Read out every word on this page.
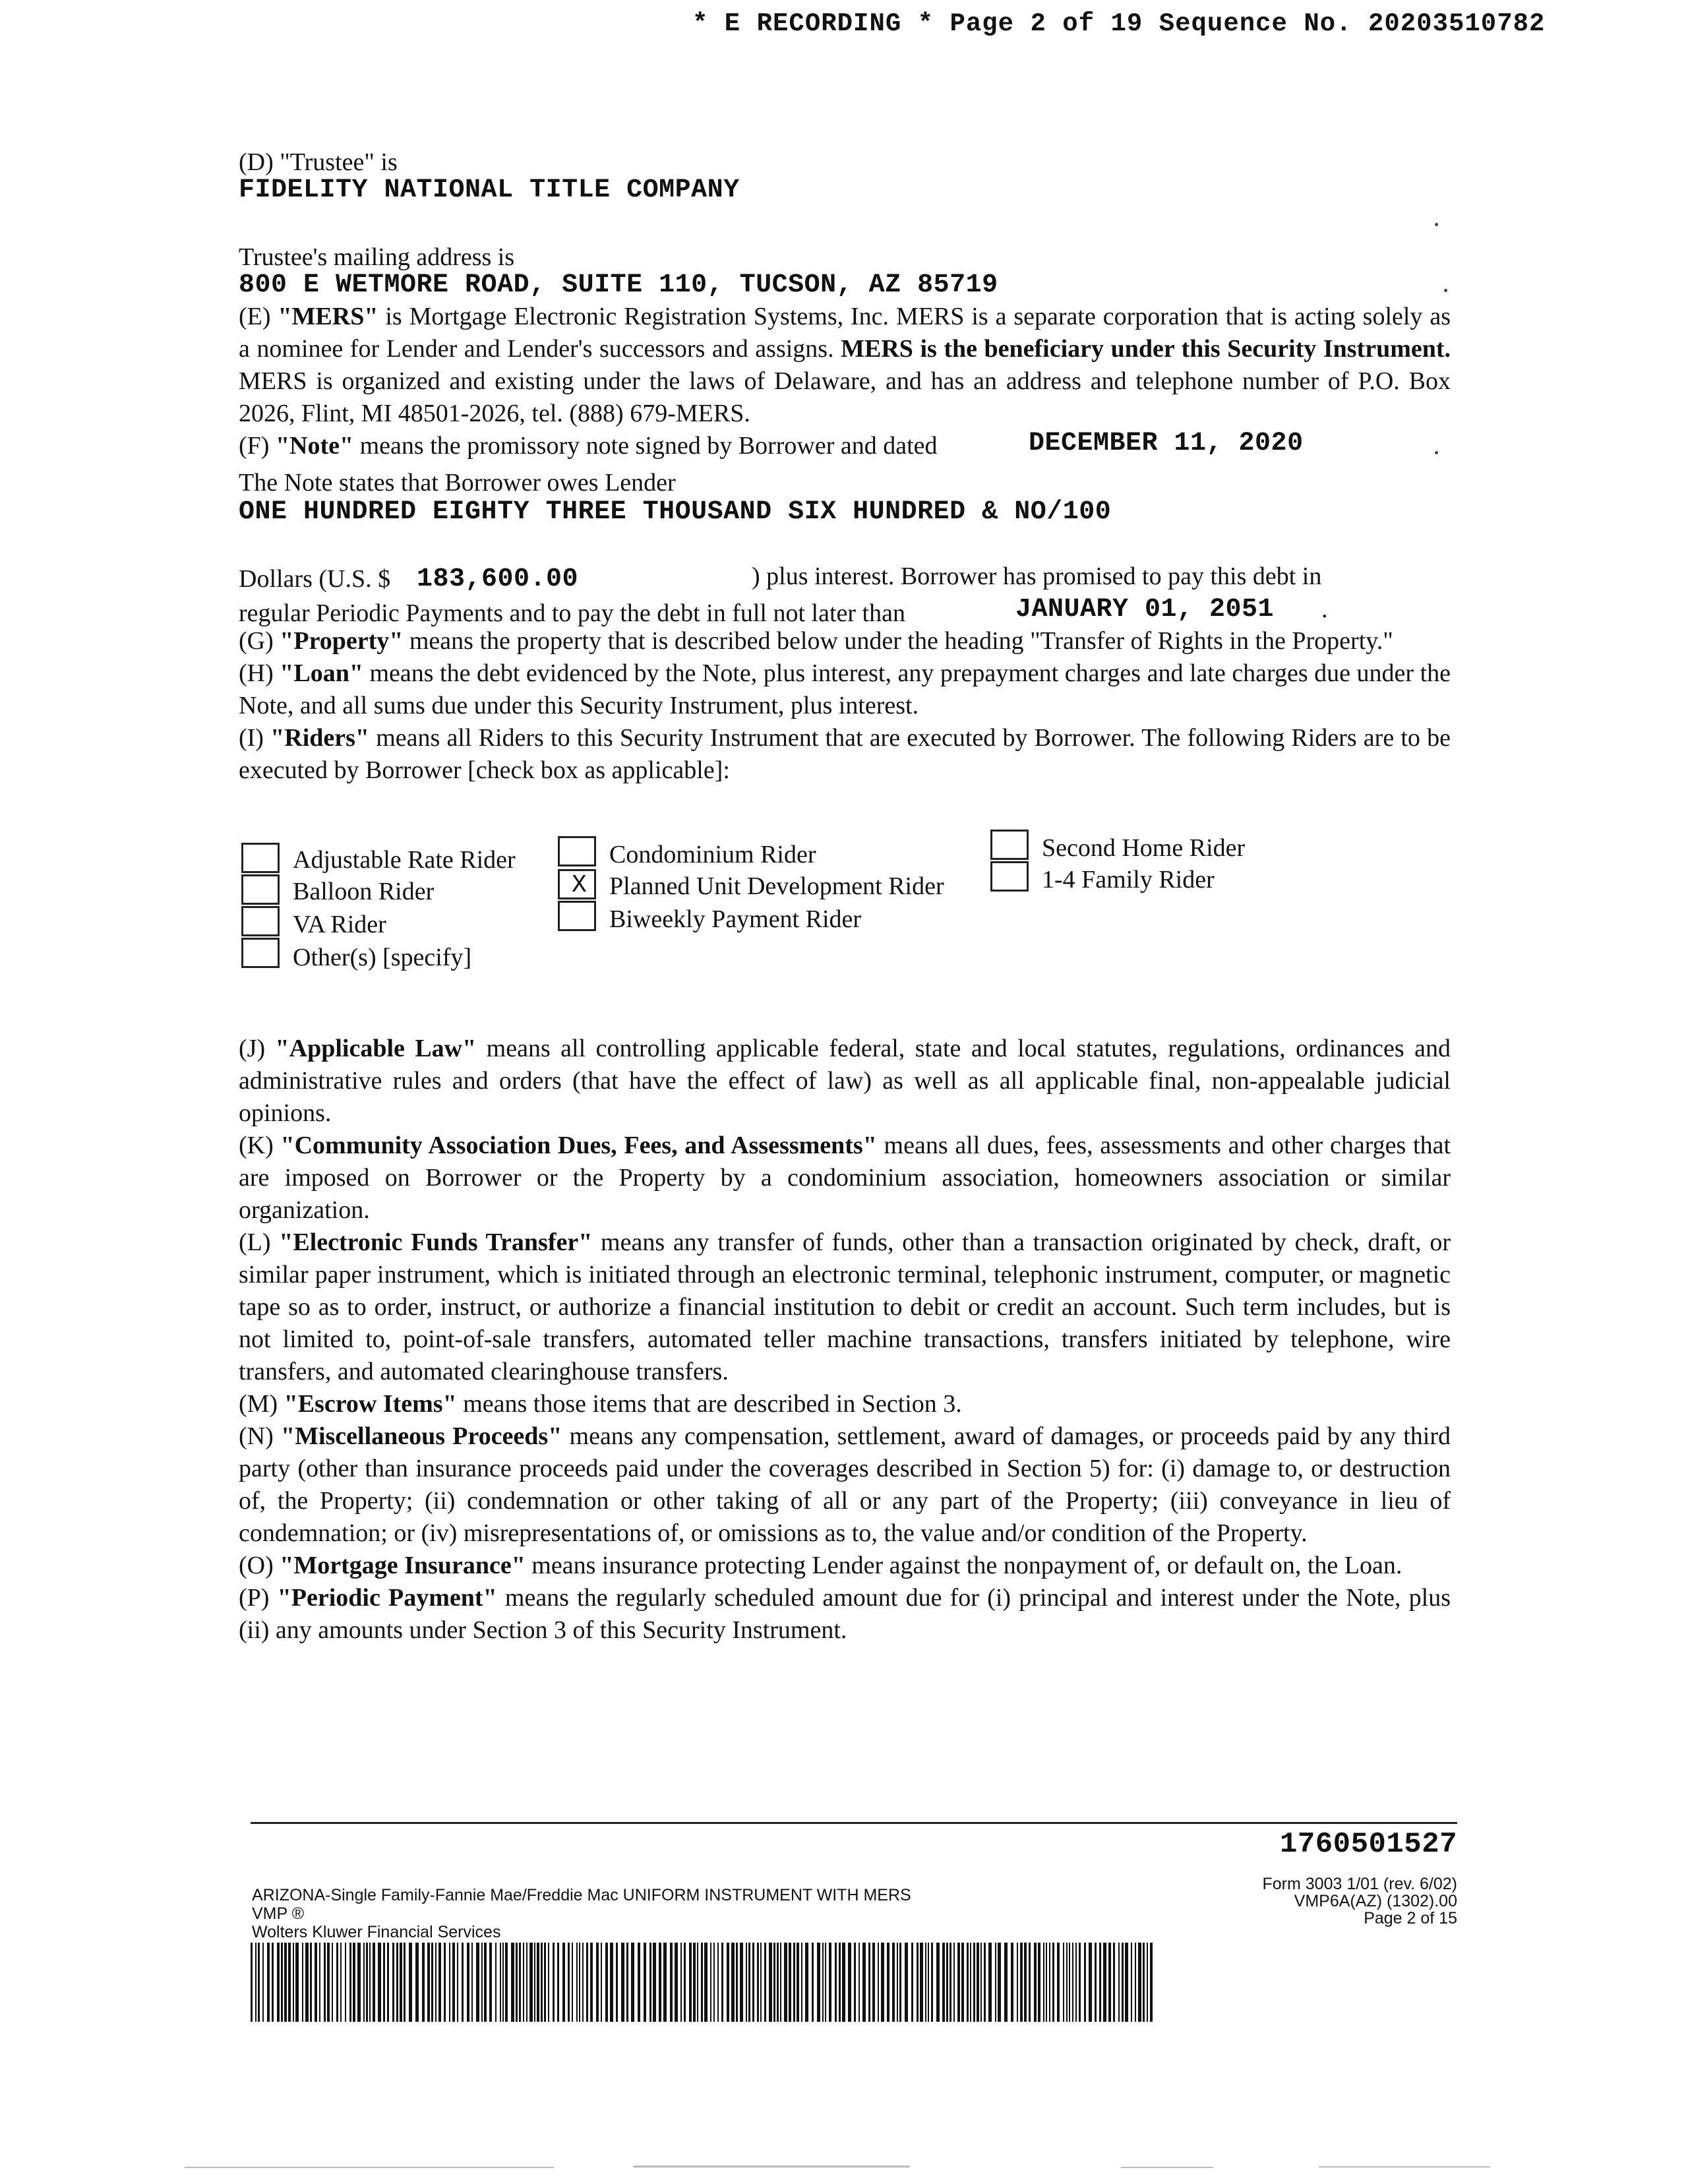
* E RECORDING * Page 2 of 19 Sequence No. 20203510782
(D) "Trustee" is
FIDELITY NATIONAL TITLE COMPANY
Trustee's mailing address is
800 E WETMORE ROAD, SUITE 110, TUCSON, AZ 85719
(E) "MERS" is Mortgage Electronic Registration Systems, Inc. MERS is a separate corporation that is acting solely as a nominee for Lender and Lender's successors and assigns. MERS is the beneficiary under this Security Instrument. MERS is organized and existing under the laws of Delaware, and has an address and telephone number of P.O. Box 2026, Flint, MI 48501-2026, tel. (888) 679-MERS.
(F) "Note" means the promissory note signed by Borrower and dated	DECEMBER 11, 2020
The Note states that Borrower owes Lender
ONE HUNDRED EIGHTY THREE THOUSAND SIX HUNDRED & NO/100
Dollars (U.S. $ 183,600.00	) plus interest. Borrower has promised to pay this debt in
regular Periodic Payments and to pay the debt in full not later than	JANUARY 01, 2051 .
(G) "Property" means the property that is described below under the heading "Transfer of Rights in the Property."
(H) "Loan" means the debt evidenced by the Note, plus interest, any prepayment charges and late charges due under the Note, and all sums due under this Security Instrument, plus interest.
(I) "Riders" means all Riders to this Security Instrument that are executed by Borrower. The following Riders are to be executed by Borrower [check box as applicable]:
Adjustable Rate Rider
Balloon Rider
VA Rider
Other(s) [specify]
Condominium Rider
X Planned Unit Development Rider
Biweekly Payment Rider
Second Home Rider
1-4 Family Rider
(J) "Applicable Law" means all controlling applicable federal, state and local statutes, regulations, ordinances and administrative rules and orders (that have the effect of law) as well as all applicable final, non-appealable judicial opinions.
(K) "Community Association Dues, Fees, and Assessments" means all dues, fees, assessments and other charges that are imposed on Borrower or the Property by a condominium association, homeowners association or similar organization.
(L) "Electronic Funds Transfer" means any transfer of funds, other than a transaction originated by check, draft, or similar paper instrument, which is initiated through an electronic terminal, telephonic instrument, computer, or magnetic tape so as to order, instruct, or authorize a financial institution to debit or credit an account. Such term includes, but is not limited to, point-of-sale transfers, automated teller machine transactions, transfers initiated by telephone, wire transfers, and automated clearinghouse transfers.
(M) "Escrow Items" means those items that are described in Section 3.
(N) "Miscellaneous Proceeds" means any compensation, settlement, award of damages, or proceeds paid by any third party (other than insurance proceeds paid under the coverages described in Section 5) for: (i) damage to, or destruction of, the Property; (ii) condemnation or other taking of all or any part of the Property; (iii) conveyance in lieu of condemnation; or (iv) misrepresentations of, or omissions as to, the value and/or condition of the Property.
(O) "Mortgage Insurance" means insurance protecting Lender against the nonpayment of, or default on, the Loan.
(P) "Periodic Payment" means the regularly scheduled amount due for (i) principal and interest under the Note, plus (ii) any amounts under Section 3 of this Security Instrument.
1760501527
ARIZONA-Single Family-Fannie Mae/Freddie Mac UNIFORM INSTRUMENT WITH MERS
VMP ®
Wolters Kluwer Financial Services
Form 3003 1/01 (rev. 6/02)
VMP6A(AZ) (1302).00
Page 2 of 15
